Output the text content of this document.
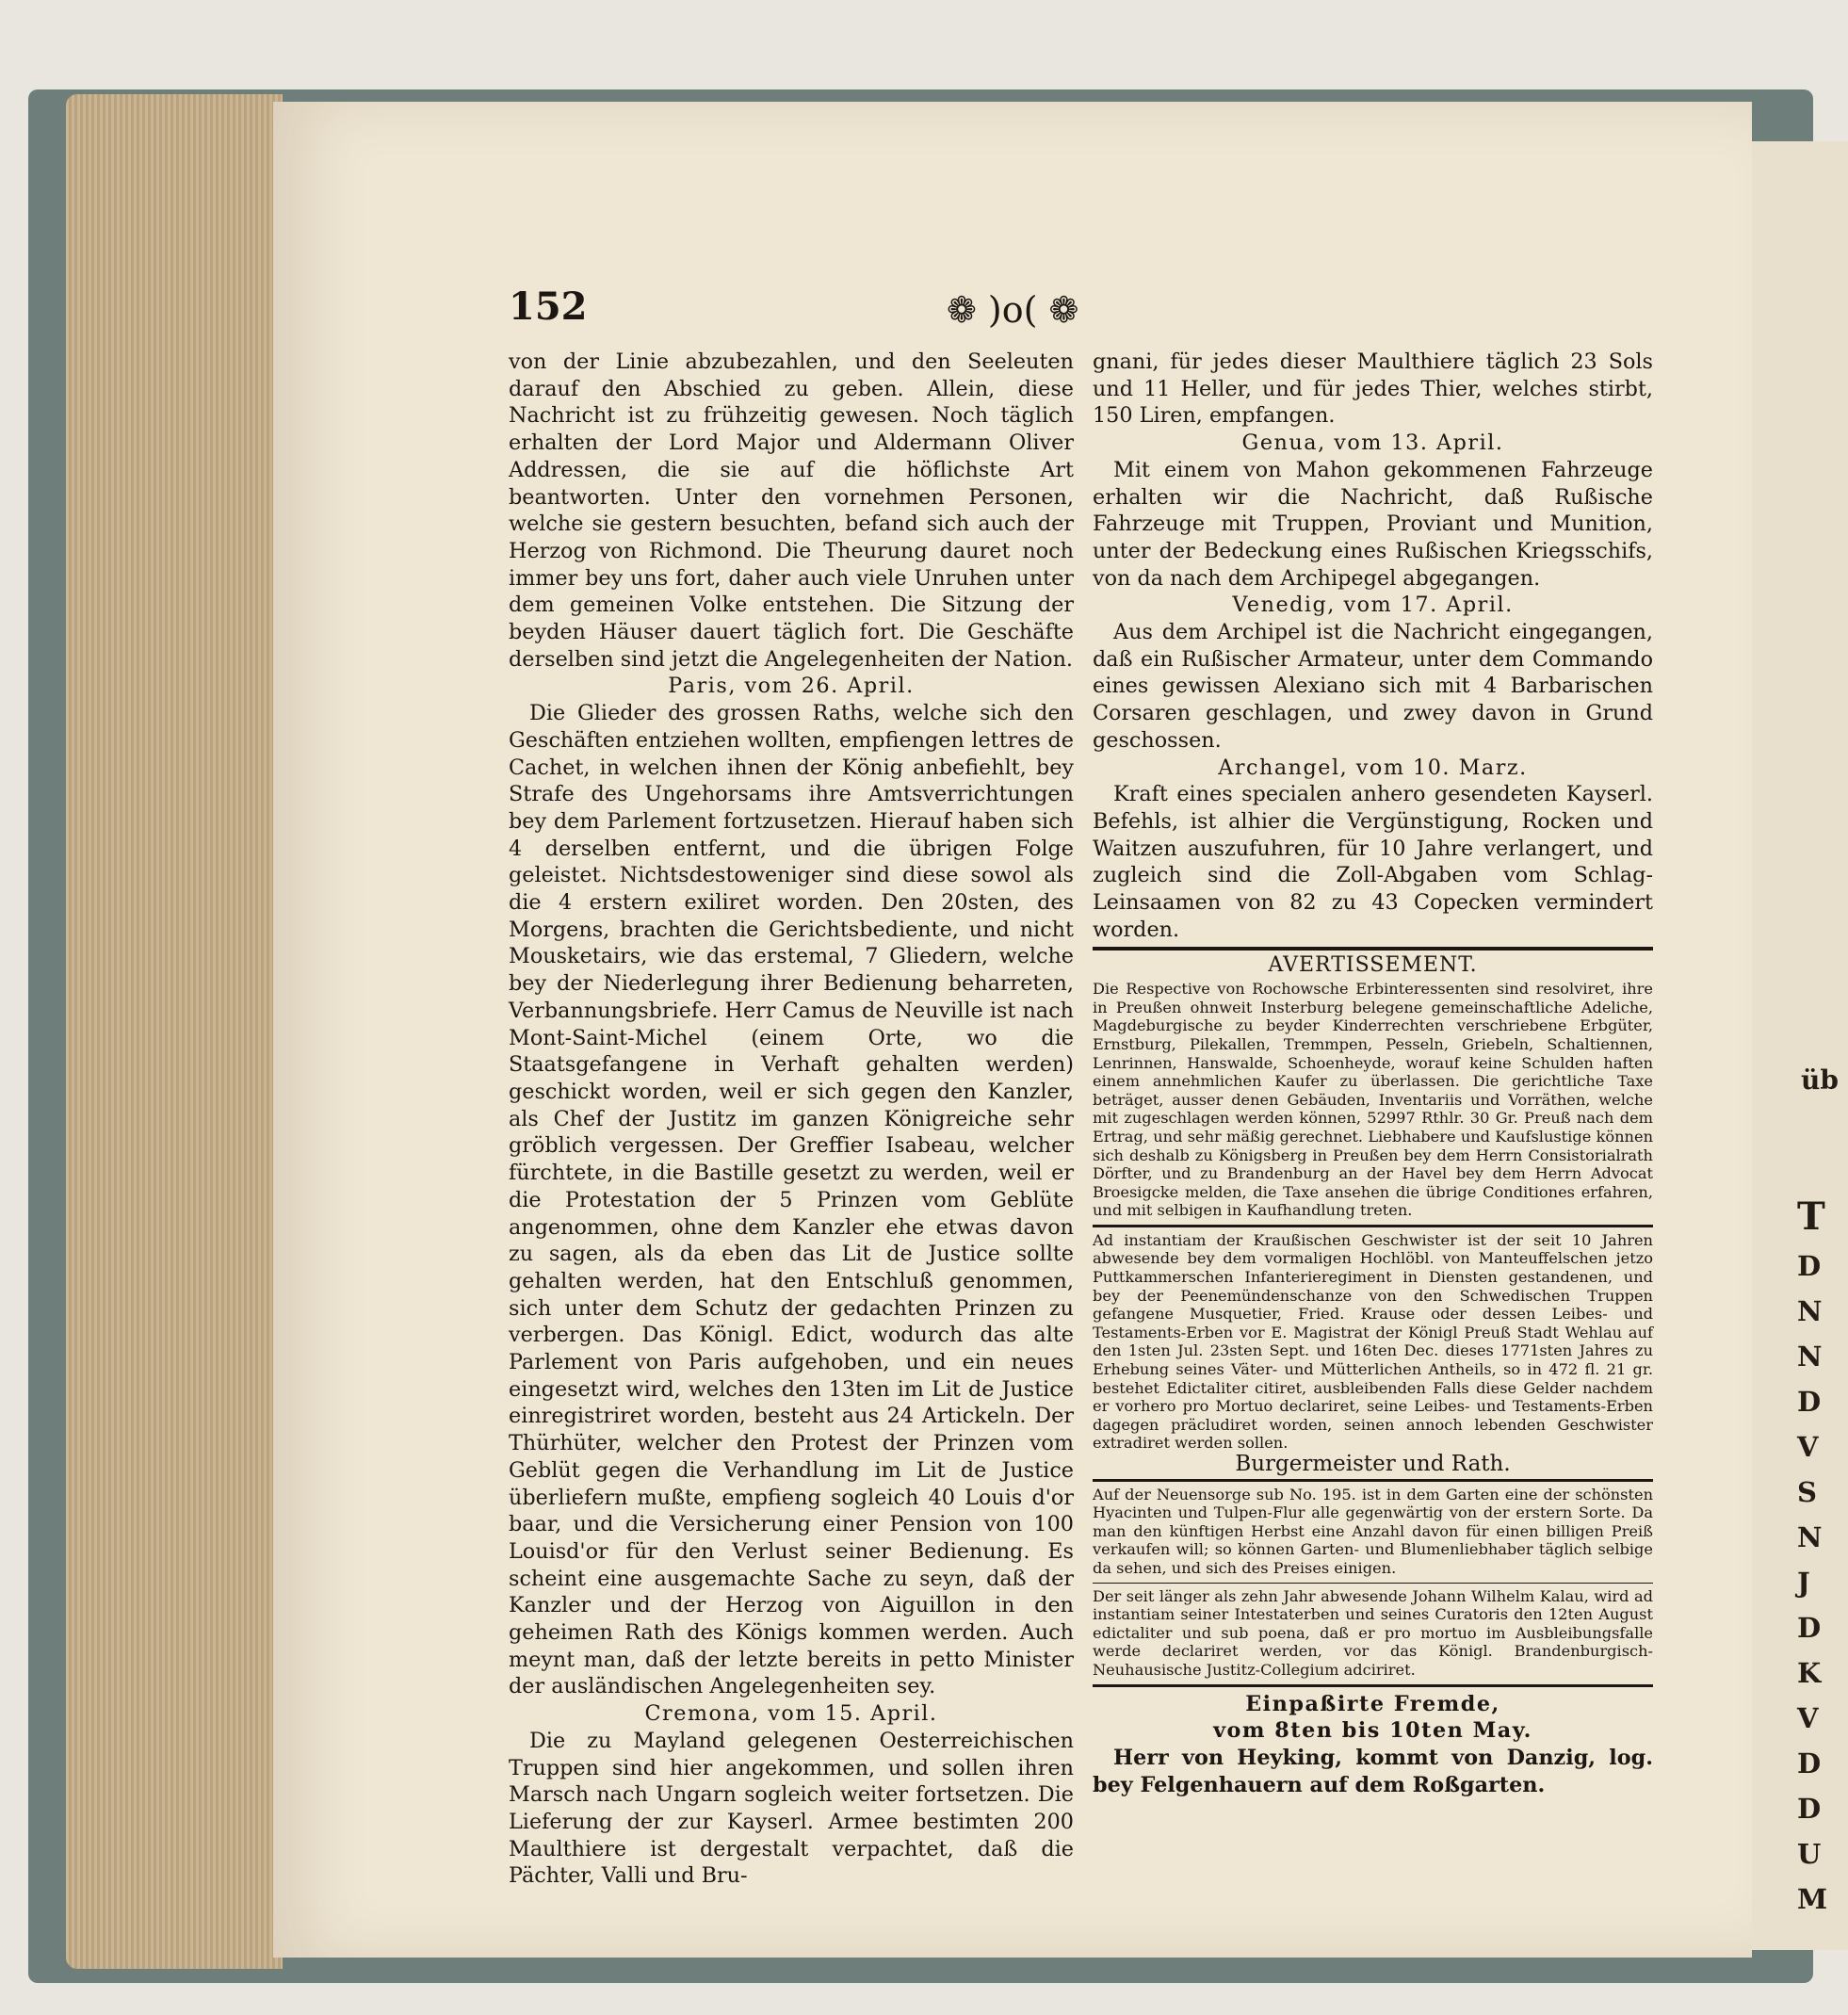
üb
T
D
N
N
D
V
S
N
J
D
K
V
D
D
U
M
152	❁ )o( ❁

von der Linie abzubezahlen, und den Seeleuten darauf den Abschied zu geben. Allein, diese Nachricht ist zu frühzeitig gewesen. Noch täglich erhalten der Lord Major und Aldermann Oliver Addressen, die sie auf die höflichste Art beantworten. Unter den vornehmen Personen, welche sie gestern besuchten, befand sich auch der Herzog von Richmond. Die Theurung dauret noch immer bey uns fort, daher auch viele Unruhen unter dem gemeinen Volke entstehen. Die Sitzung der beyden Häuser dauert täglich fort. Die Geschäfte derselben sind jetzt die Angelegenheiten der Nation.

Paris, vom 26. April.

Die Glieder des grossen Raths, welche sich den Geschäften entziehen wollten, empfiengen lettres de Cachet, in welchen ihnen der König anbefiehlt, bey Strafe des Ungehorsams ihre Amtsverrichtungen bey dem Parlement fortzusetzen. Hierauf haben sich 4 derselben entfernt, und die übrigen Folge geleistet. Nichtsdestoweniger sind diese sowol als die 4 erstern exiliret worden. Den 20sten, des Morgens, brachten die Gerichtsbediente, und nicht Mousketairs, wie das erstemal, 7 Gliedern, welche bey der Niederlegung ihrer Bedienung beharreten, Verbannungsbriefe. Herr Camus de Neuville ist nach Mont-Saint-Michel (einem Orte, wo die Staatsgefangene in Verhaft gehalten werden) geschickt worden, weil er sich gegen den Kanzler, als Chef der Justitz im ganzen Königreiche sehr gröblich vergessen. Der Greffier Isabeau, welcher fürchtete, in die Bastille gesetzt zu werden, weil er die Protestation der 5 Prinzen vom Geblüte angenommen, ohne dem Kanzler ehe etwas davon zu sagen, als da eben das Lit de Justice sollte gehalten werden, hat den Entschluß genommen, sich unter dem Schutz der gedachten Prinzen zu verbergen. Das Königl. Edict, wodurch das alte Parlement von Paris aufgehoben, und ein neues eingesetzt wird, welches den 13ten im Lit de Justice einregistriret worden, besteht aus 24 Artickeln. Der Thürhüter, welcher den Protest der Prinzen vom Geblüt gegen die Verhandlung im Lit de Justice überliefern mußte, empfieng sogleich 40 Louis d'or baar, und die Versicherung einer Pension von 100 Louisd'or für den Verlust seiner Bedienung. Es scheint eine ausgemachte Sache zu seyn, daß der Kanzler und der Herzog von Aiguillon in den geheimen Rath des Königs kommen werden. Auch meynt man, daß der letzte bereits in petto Minister der ausländischen Angelegenheiten sey.

Cremona, vom 15. April.

Die zu Mayland gelegenen Oesterreichischen Truppen sind hier angekommen, und sollen ihren Marsch nach Ungarn sogleich weiter fortsetzen. Die Lieferung der zur Kayserl. Armee bestimten 200 Maulthiere ist dergestalt verpachtet, daß die Pächter, Valli und Bru-

gnani, für jedes dieser Maulthiere täglich 23 Sols und 11 Heller, und für jedes Thier, welches stirbt, 150 Liren, empfangen.

Genua, vom 13. April.

Mit einem von Mahon gekommenen Fahrzeuge erhalten wir die Nachricht, daß Rußische Fahrzeuge mit Truppen, Proviant und Munition, unter der Bedeckung eines Rußischen Kriegsschifs, von da nach dem Archipegel abgegangen.

Venedig, vom 17. April.

Aus dem Archipel ist die Nachricht eingegangen, daß ein Rußischer Armateur, unter dem Commando eines gewissen Alexiano sich mit 4 Barbarischen Corsaren geschlagen, und zwey davon in Grund geschossen.

Archangel, vom 10. Marz.

Kraft eines specialen anhero gesendeten Kayserl. Befehls, ist alhier die Vergünstigung, Rocken und Waitzen auszufuhren, für 10 Jahre verlangert, und zugleich sind die Zoll-Abgaben vom Schlag-Leinsaamen von 82 zu 43 Copecken vermindert worden.

AVERTISSEMENT.

Die Respective von Rochowsche Erbinteressenten sind resolviret, ihre in Preußen ohnweit Insterburg belegene gemeinschaftliche Adeliche, Magdeburgische zu beyder Kinderrechten verschriebene Erbgüter, Ernstburg, Pilekallen, Tremmpen, Pesseln, Griebeln, Schaltiennen, Lenrinnen, Hanswalde, Schoenheyde, worauf keine Schulden haften einem annehmlichen Kaufer zu überlassen. Die gerichtliche Taxe beträget, ausser denen Gebäuden, Inventariis und Vorräthen, welche mit zugeschlagen werden können, 52997 Rthlr. 30 Gr. Preuß nach dem Ertrag, und sehr mäßig gerechnet. Liebhabere und Kaufslustige können sich deshalb zu Königsberg in Preußen bey dem Herrn Consistorialrath Dörfter, und zu Brandenburg an der Havel bey dem Herrn Advocat Broesigcke melden, die Taxe ansehen die übrige Conditiones erfahren, und mit selbigen in Kaufhandlung treten.

Ad instantiam der Kraußischen Geschwister ist der seit 10 Jahren abwesende bey dem vormaligen Hochlöbl. von Manteuffelschen jetzo Puttkammerschen Infanterieregiment in Diensten gestandenen, und bey der Peenemündenschanze von den Schwedischen Truppen gefangene Musquetier, Fried. Krause oder dessen Leibes- und Testaments-Erben vor E. Magistrat der Königl Preuß Stadt Wehlau auf den 1sten Jul. 23sten Sept. und 16ten Dec. dieses 1771sten Jahres zu Erhebung seines Väter- und Mütterlichen Antheils, so in 472 fl. 21 gr. bestehet Edictaliter citiret, ausbleibenden Falls diese Gelder nachdem er vorhero pro Mortuo declariret, seine Leibes- und Testaments-Erben dagegen präcludiret worden, seinen annoch lebenden Geschwister extradiret werden sollen.

Burgermeister und Rath.

Auf der Neuensorge sub No. 195. ist in dem Garten eine der schönsten Hyacinten und Tulpen-Flur alle gegenwärtig von der erstern Sorte. Da man den künftigen Herbst eine Anzahl davon für einen billigen Preiß verkaufen will; so können Garten- und Blumenliebhaber täglich selbige da sehen, und sich des Preises einigen.

Der seit länger als zehn Jahr abwesende Johann Wilhelm Kalau, wird ad instantiam seiner Intestaterben und seines Curatoris den 12ten August edictaliter und sub poena, daß er pro mortuo im Ausbleibungsfalle werde declariret werden, vor das Königl. Brandenburgisch-Neuhausische Justitz-Collegium adciriret.

Einpaßirte Fremde,

vom 8ten bis 10ten May.

Herr von Heyking, kommt von Danzig, log. bey Felgenhauern auf dem Roßgarten.
